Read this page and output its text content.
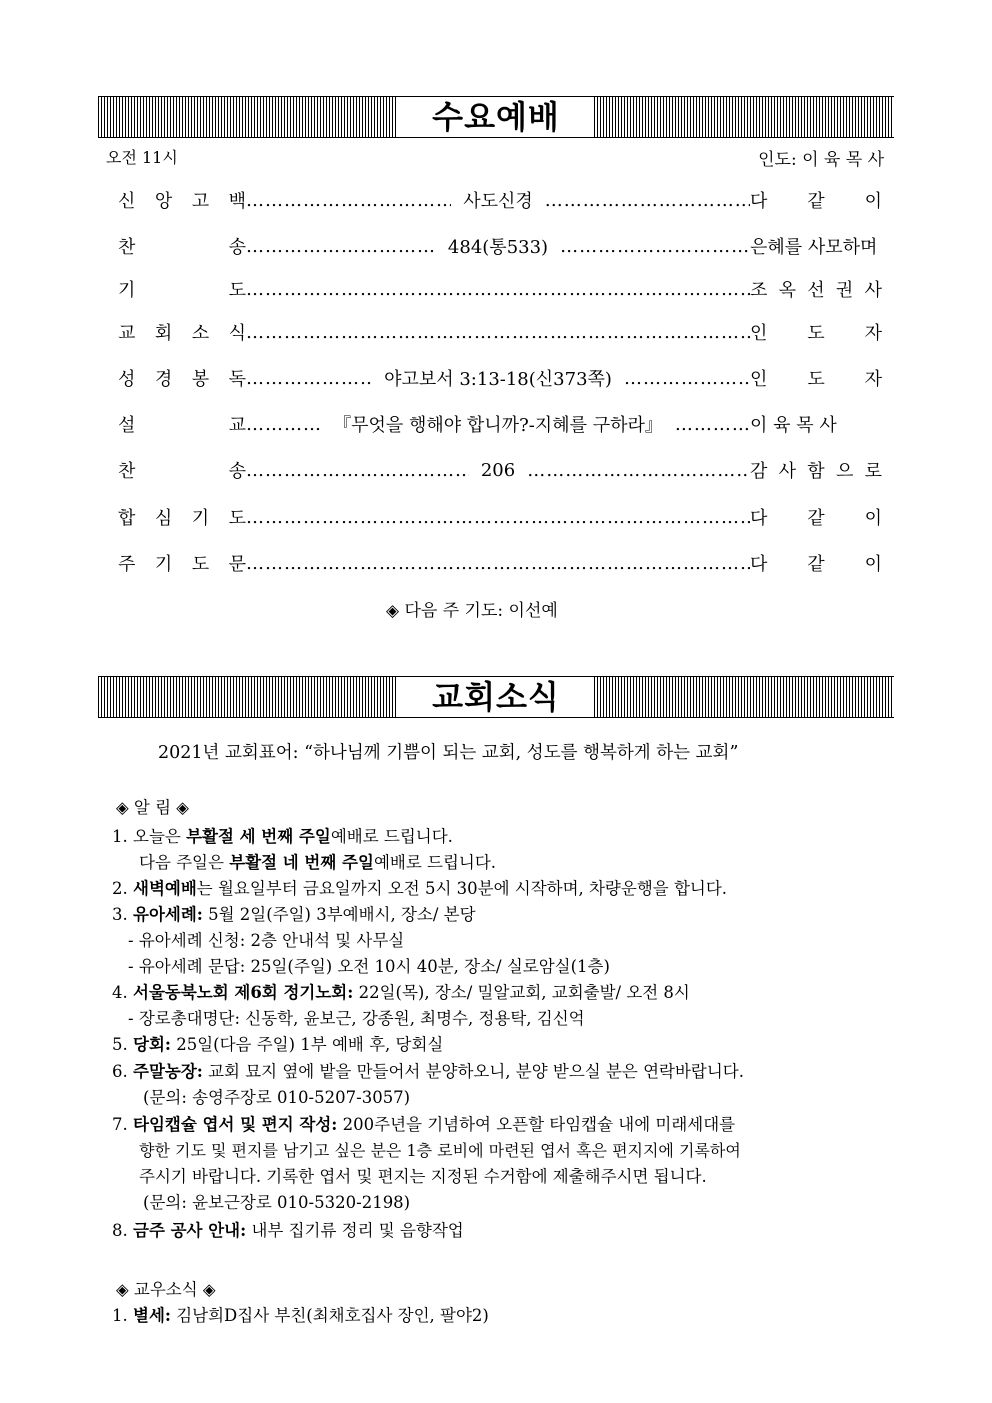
수요예배
오전 11시	인도: 이 육 목 사
신 앙 고 백 …………………………………………………………………………………………………………………………………………………	사도신경 …………………………………………………………………………………………………………………………………………………	다 같 이
찬	송 …………………………………………………………………………………………………………………………………………………	484(통533) …………………………………………………………………………………………………………………………………………………	은혜를 사모하며
기	도 …………………………………………………………………………………………………………………………………………………	조 옥 선 권 사
교 회 소 식 …………………………………………………………………………………………………………………………………………………	인 도 자
성 경 봉 독 …………………………………………………………………………………………………………………………………………………	야고보서 3:13-18(신373쪽) …………………………………………………………………………………………………………………………………………………	인 도 자
설	교 …………………………………………………………………………………………………………………………………………………	『무엇을 행해야 합니까?-지혜를 구하라』 …………………………………………………………………………………………………………………………………………………	이 육 목 사
찬	송 …………………………………………………………………………………………………………………………………………………	206 …………………………………………………………………………………………………………………………………………………	감 사 함 으 로
합 심 기 도 …………………………………………………………………………………………………………………………………………………	다 같 이
주 기 도 문 …………………………………………………………………………………………………………………………………………………	다 같 이
◈ 다음 주 기도: 이선예
교회소식
2021년 교회표어: “하나님께 기쁨이 되는 교회, 성도를 행복하게 하는 교회”
◈ 알 림 ◈
1. 오늘은 부활절 세 번째 주일예배로 드립니다.
다음 주일은 부활절 네 번째 주일예배로 드립니다.
2. 새벽예배는 월요일부터 금요일까지 오전 5시 30분에 시작하며, 차량운행을 합니다.
3. 유아세례: 5월 2일(주일) 3부예배시, 장소/ 본당
- 유아세례 신청: 2층 안내석 및 사무실
- 유아세례 문답: 25일(주일) 오전 10시 40분, 장소/ 실로암실(1층)
4. 서울동북노회 제6회 정기노회: 22일(목), 장소/ 밀알교회, 교회출발/ 오전 8시
- 장로총대명단: 신동학, 윤보근, 강종원, 최명수, 정용탁, 김신억
5. 당회: 25일(다음 주일) 1부 예배 후, 당회실
6. 주말농장: 교회 묘지 옆에 밭을 만들어서 분양하오니, 분양 받으실 분은 연락바랍니다.
(문의: 송영주장로 010-5207-3057)
7. 타임캡슐 엽서 및 편지 작성: 200주년을 기념하여 오픈할 타임캡슐 내에 미래세대를
향한 기도 및 편지를 남기고 싶은 분은 1층 로비에 마련된 엽서 혹은 편지지에 기록하여
주시기 바랍니다. 기록한 엽서 및 편지는 지정된 수거함에 제출해주시면 됩니다.
(문의: 윤보근장로 010-5320-2198)
8. 금주 공사 안내: 내부 집기류 정리 및 음향작업
◈ 교우소식 ◈
1. 별세: 김남희D집사 부친(최채호집사 장인, 팔야2)
